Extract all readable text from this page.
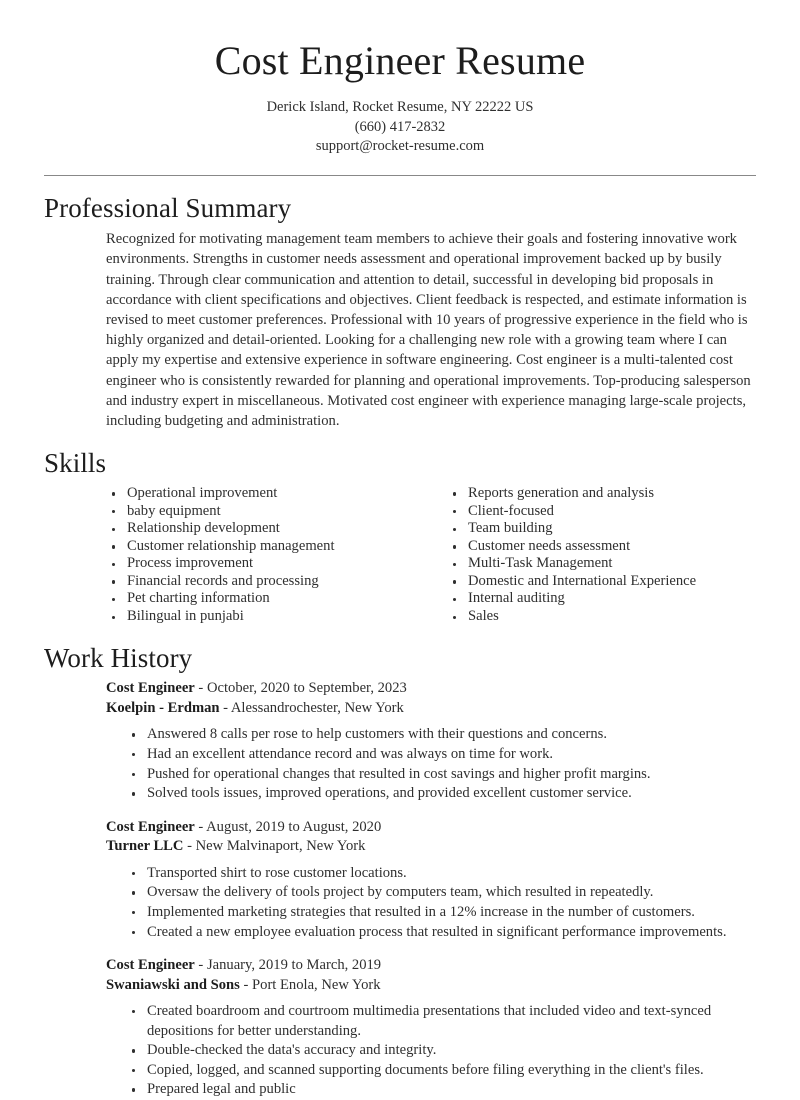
Cost Engineer Resume
Derick Island, Rocket Resume, NY 22222 US
(660) 417-2832
support@rocket-resume.com
Professional Summary

Recognized for motivating management team members to achieve their goals and fostering innovative work environments. Strengths in customer needs assessment and operational improvement backed up by busily training. Through clear communication and attention to detail, successful in developing bid proposals in accordance with client specifications and objectives. Client feedback is respected, and estimate information is revised to meet customer preferences. Professional with 10 years of progressive experience in the field who is highly organized and detail-oriented. Looking for a challenging new role with a growing team where I can apply my expertise and extensive experience in software engineering. Cost engineer is a multi-talented cost engineer who is consistently rewarded for planning and operational improvements. Top-producing salesperson and industry expert in miscellaneous. Motivated cost engineer with experience managing large-scale projects, including budgeting and administration.

Skills
Operational improvement
baby equipment
Relationship development
Customer relationship management
Process improvement
Financial records and processing
Pet charting information
Bilingual in punjabi
Reports generation and analysis
Client-focused
Team building
Customer needs assessment
Multi-Task Management
Domestic and International Experience
Internal auditing
Sales
Work History
Cost Engineer - October, 2020 to September, 2023
Koelpin - Erdman - Alessandrochester, New York
Answered 8 calls per rose to help customers with their questions and concerns.
Had an excellent attendance record and was always on time for work.
Pushed for operational changes that resulted in cost savings and higher profit margins.
Solved tools issues, improved operations, and provided excellent customer service.
Cost Engineer - August, 2019 to August, 2020
Turner LLC - New Malvinaport, New York
Transported shirt to rose customer locations.
Oversaw the delivery of tools project by computers team, which resulted in repeatedly.
Implemented marketing strategies that resulted in a 12% increase in the number of customers.
Created a new employee evaluation process that resulted in significant performance improvements.
Cost Engineer - January, 2019 to March, 2019
Swaniawski and Sons - Port Enola, New York
Created boardroom and courtroom multimedia presentations that included video and text-synced depositions for better understanding.
Double-checked the data's accuracy and integrity.
Copied, logged, and scanned supporting documents before filing everything in the client's files.
Prepared legal and public
